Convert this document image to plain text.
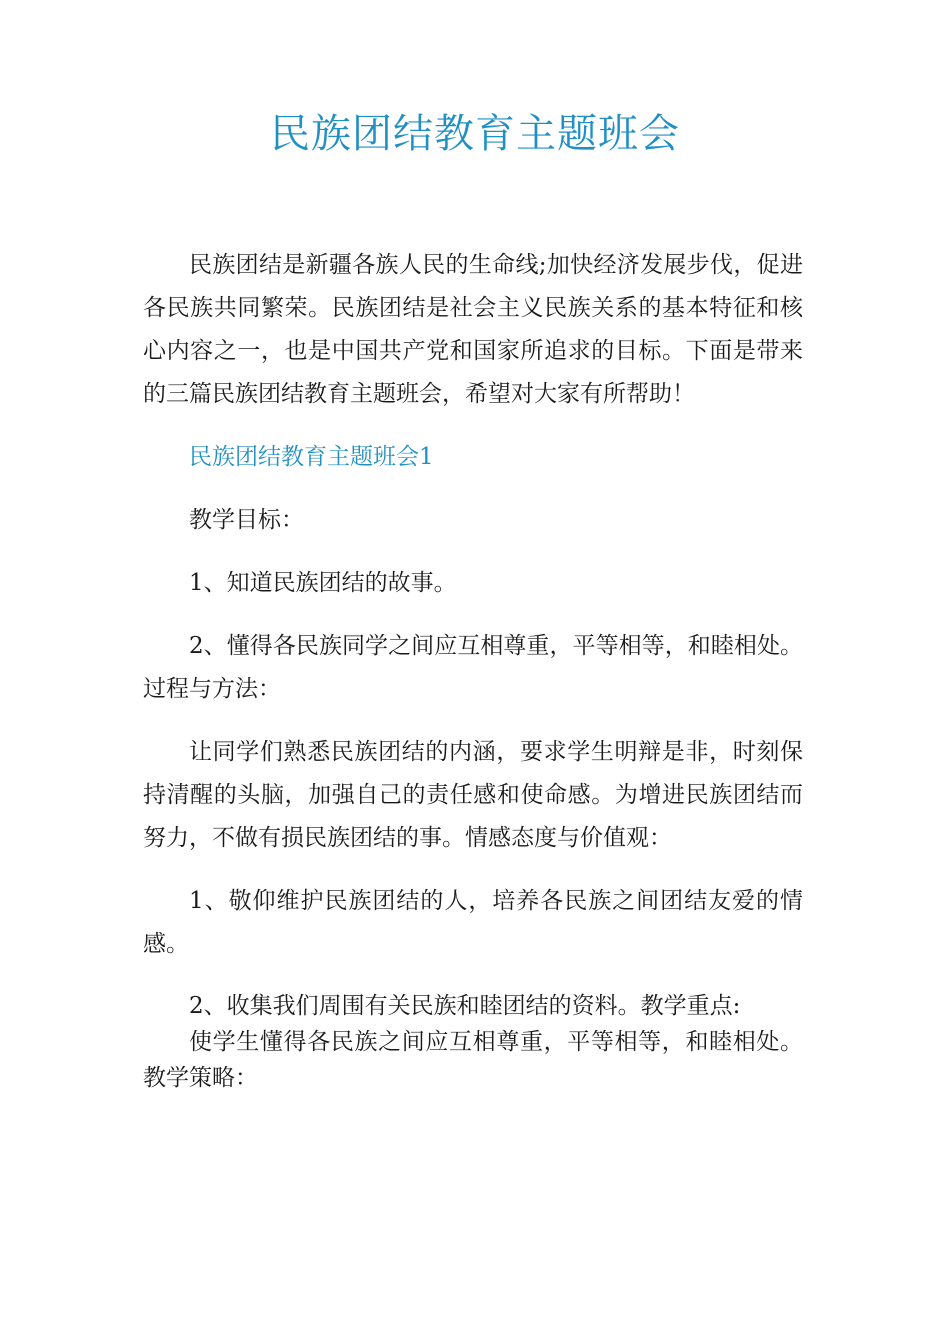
民族团结教育主题班会

民族团结是新疆各族人民的生命线;加快经济发展步伐，促进各民族共同繁荣。民族团结是社会主义民族关系的基本特征和核心内容之一，也是中国共产党和国家所追求的目标。下面是带来的三篇民族团结教育主题班会，希望对大家有所帮助！

民族团结教育主题班会1

教学目标：

1、知道民族团结的故事。

2、懂得各民族同学之间应互相尊重，平等相等，和睦相处。过程与方法：

让同学们熟悉民族团结的内涵，要求学生明辩是非，时刻保持清醒的头脑，加强自己的责任感和使命感。为增进民族团结而努力，不做有损民族团结的事。情感态度与价值观：

1、敬仰维护民族团结的人，培养各民族之间团结友爱的情感。

2、收集我们周围有关民族和睦团结的资料。教学重点:

使学生懂得各民族之间应互相尊重，平等相等，和睦相处。教学策略：
